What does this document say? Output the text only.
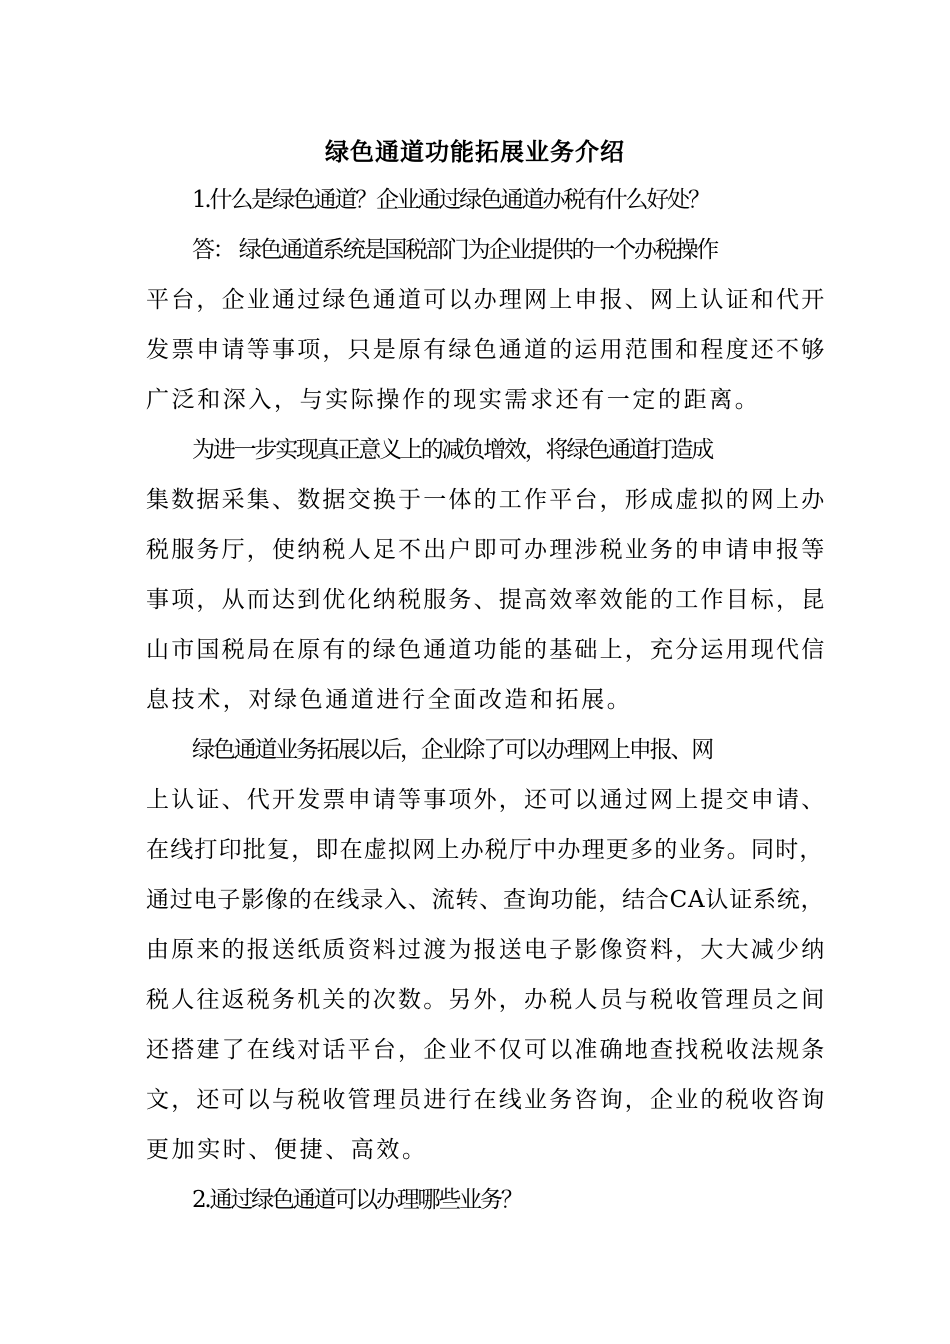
绿色通道功能拓展业务介绍

1.什么是绿色通道？企业通过绿色通道办税有什么好处？

答： 绿色通道系统是国税部门为企业提供的一个办税操作

平台，企业通过绿色通道可以办理网上申报、网上认证和代开

发票申请等事项，只是原有绿色通道的运用范围和程度还不够

广泛和深入，与实际操作的现实需求还有一定的距离。

为进一步实现真正意义上的减负增效，将绿色通道打造成

集数据采集、数据交换于一体的工作平台，形成虚拟的网上办

税服务厅，使纳税人足不出户即可办理涉税业务的申请申报等

事项，从而达到优化纳税服务、提高效率效能的工作目标，昆

山市国税局在原有的绿色通道功能的基础上，充分运用现代信

息技术，对绿色通道进行全面改造和拓展。

绿色通道业务拓展以后，企业除了可以办理网上申报、网

上认证、代开发票申请等事项外，还可以通过网上提交申请、

在线打印批复，即在虚拟网上办税厅中办理更多的业务。同时，

通过电子影像的在线录入、流转、查询功能，结合CA认证系统，

由原来的报送纸质资料过渡为报送电子影像资料，大大减少纳

税人往返税务机关的次数。另外，办税人员与税收管理员之间

还搭建了在线对话平台，企业不仅可以准确地查找税收法规条

文，还可以与税收管理员进行在线业务咨询，企业的税收咨询

更加实时、便捷、高效。

2.通过绿色通道可以办理哪些业务？
